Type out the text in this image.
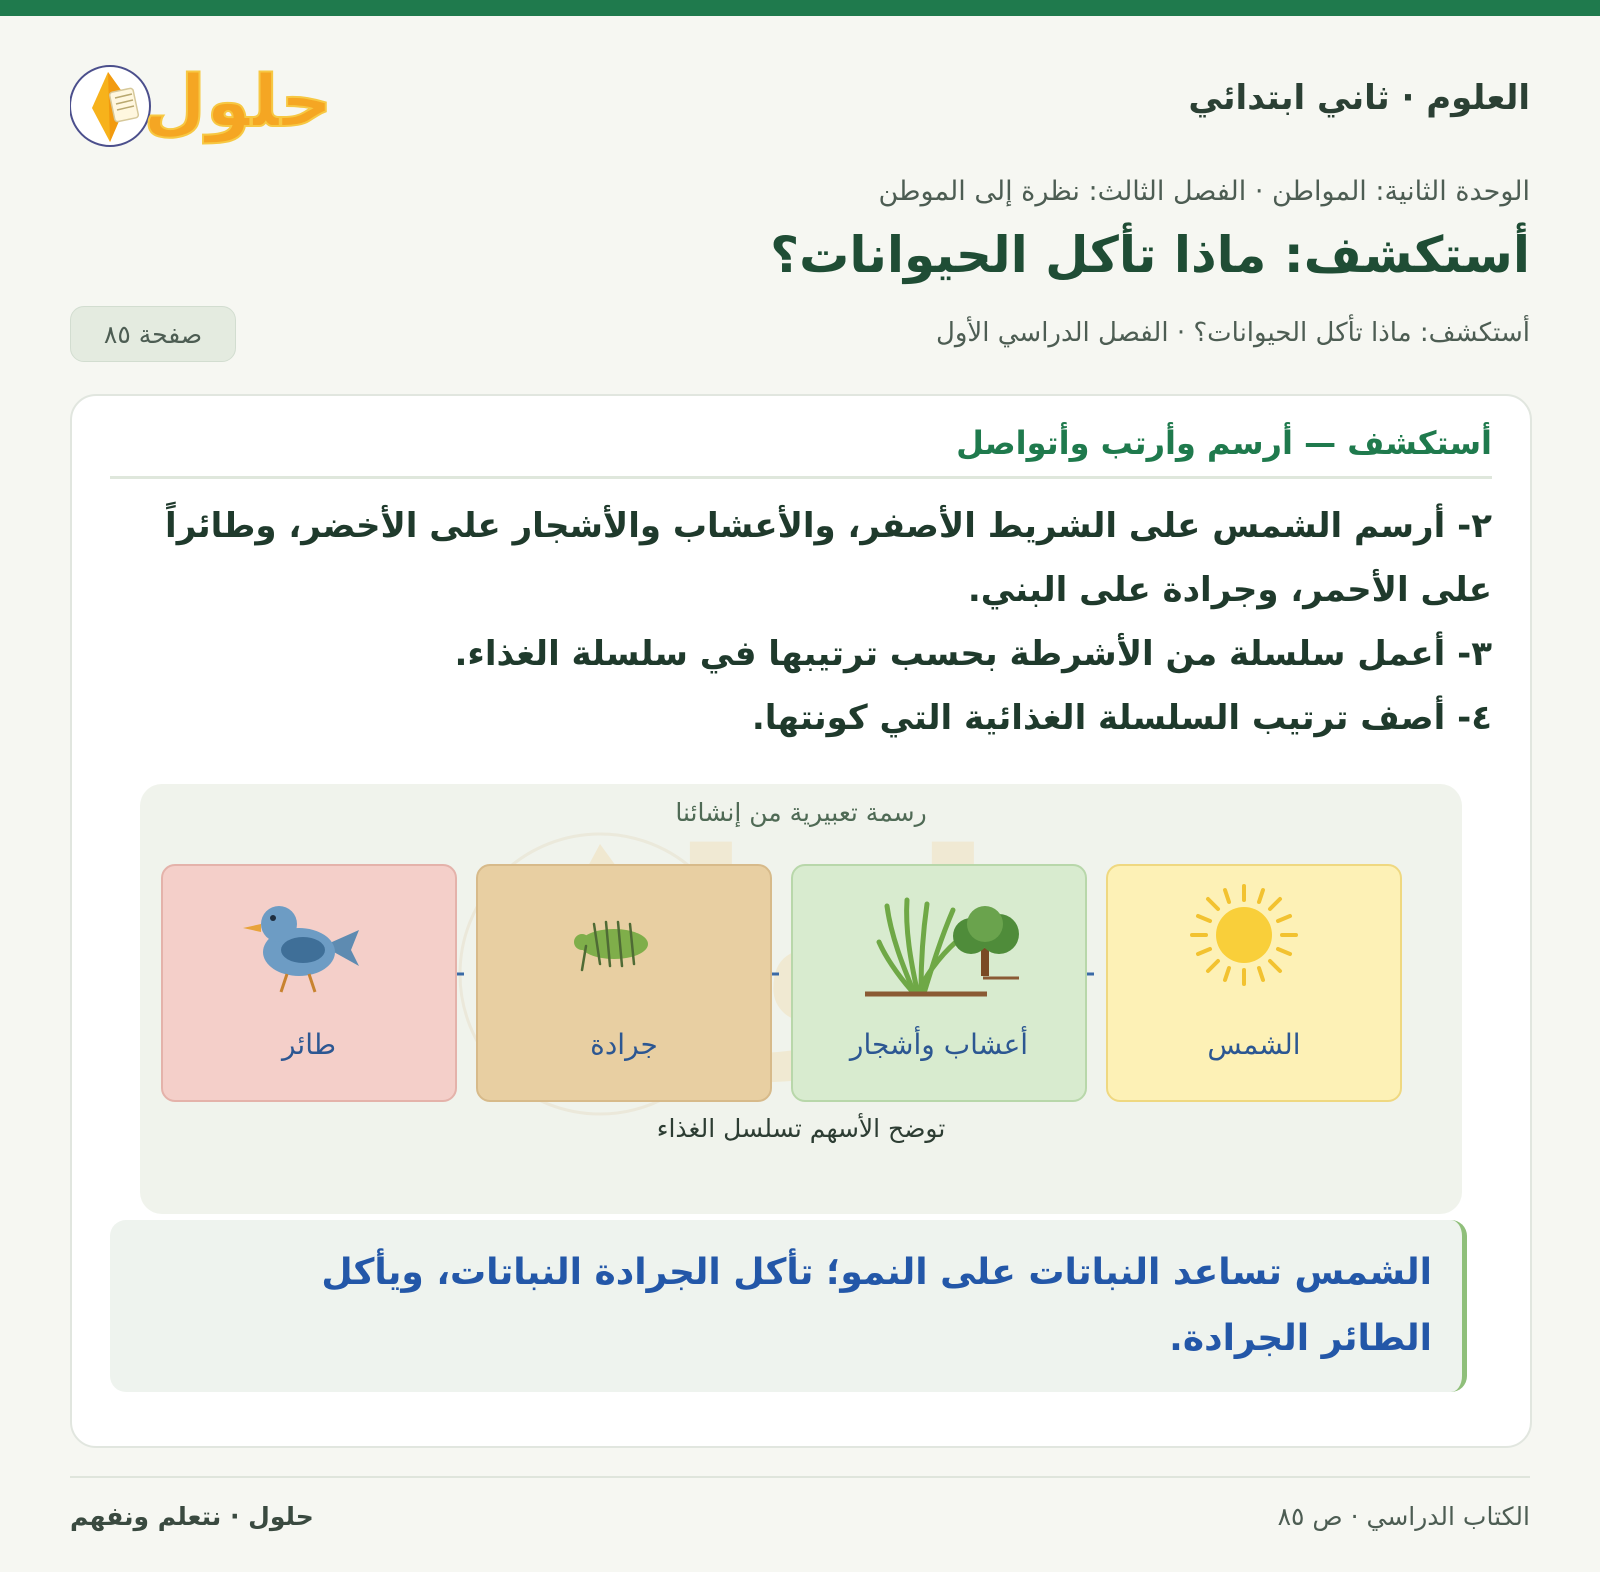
العلوم · ثاني ابتدائي
حلول
الوحدة الثانية: المواطن · الفصل الثالث: نظرة إلى الموطن
أستكشف: ماذا تأكل الحيوانات؟
أستكشف: ماذا تأكل الحيوانات؟ · الفصل الدراسي الأول
صفحة ٨٥
أستكشف — أرسم وأرتب وأتواصل

٢- أرسم الشمس على الشريط الأصفر، والأعشاب والأشجار على الأخضر، وطائراً على الأحمر، وجرادة على البني.

٣- أعمل سلسلة من الأشرطة بحسب ترتيبها في سلسلة الغذاء.

٤- أصف ترتيب السلسلة الغذائية التي كونتها.

رسمة تعبيرية من إنشائنا
الشمس
أعشاب وأشجار
جرادة
طائر
توضح الأسهم تسلسل الغذاء

الشمس تساعد النباتات على النمو؛ تأكل الجرادة النباتات، ويأكل الطائر الجرادة.

الكتاب الدراسي · ص ٨٥
حلول · نتعلم ونفهم
